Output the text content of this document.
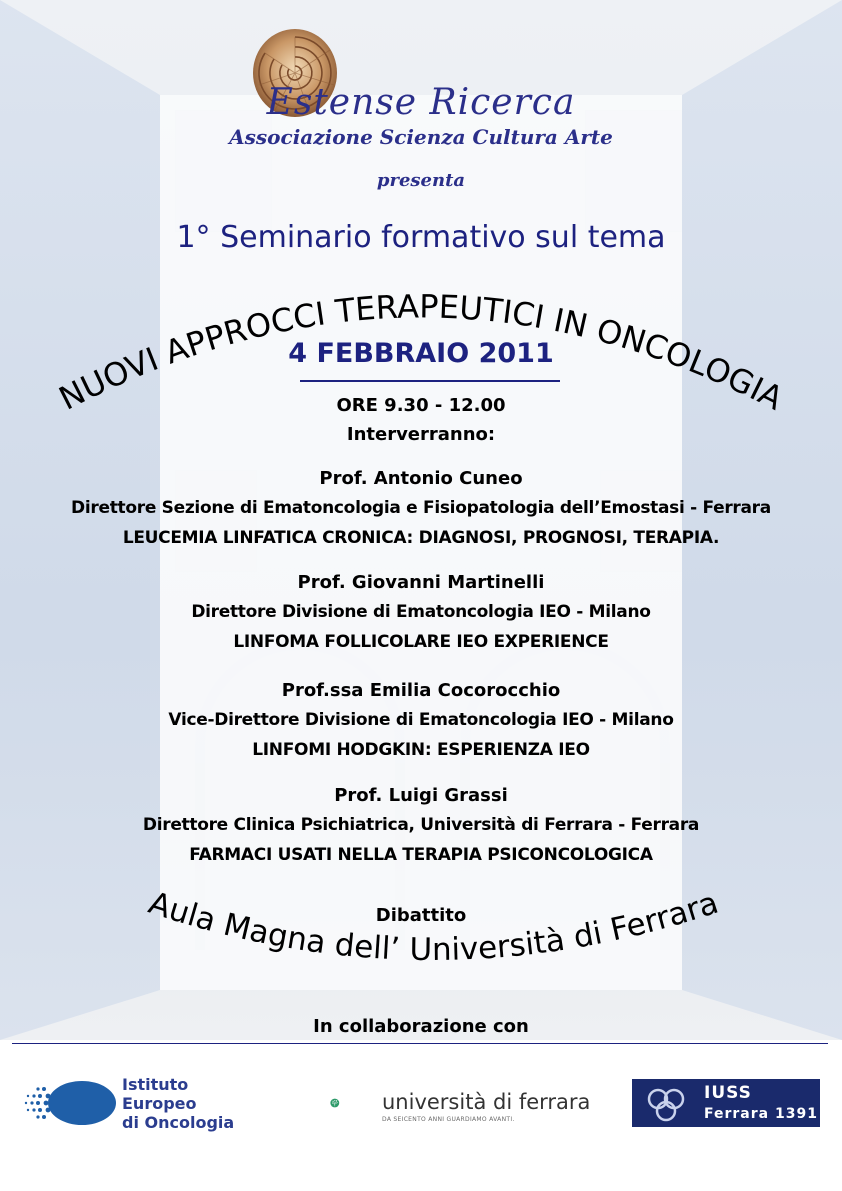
Estense Ricerca
Associazione Scienza Cultura Arte
presenta
1° Seminario formativo sul tema
NUOVI APPROCCI TERAPEUTICI IN ONCOLOGIA
4 FEBBRAIO 2011
ORE 9.30 - 12.00
Interverranno:
Prof. Antonio Cuneo
Direttore Sezione di Ematoncologia e Fisiopatologia dell’Emostasi - Ferrara
LEUCEMIA LINFATICA CRONICA: DIAGNOSI, PROGNOSI, TERAPIA.
Prof. Giovanni Martinelli
Direttore Divisione di Ematoncologia IEO - Milano
LINFOMA FOLLICOLARE IEO EXPERIENCE
Prof.ssa Emilia Cocorocchio
Vice-Direttore Divisione di Ematoncologia IEO - Milano
LINFOMI HODGKIN: ESPERIENZA IEO
Prof. Luigi Grassi
Direttore Clinica Psichiatrica, Università di Ferrara - Ferrara
FARMACI USATI NELLA TERAPIA PSICONCOLOGICA
Dibattito
Aula Magna dell’ Università di Ferrara
In collaborazione con
Istituto
Europeo
di Oncologia
università di ferrara
DA SEICENTO ANNI GUARDIAMO AVANTI.
IUSS
Ferrara 1391
